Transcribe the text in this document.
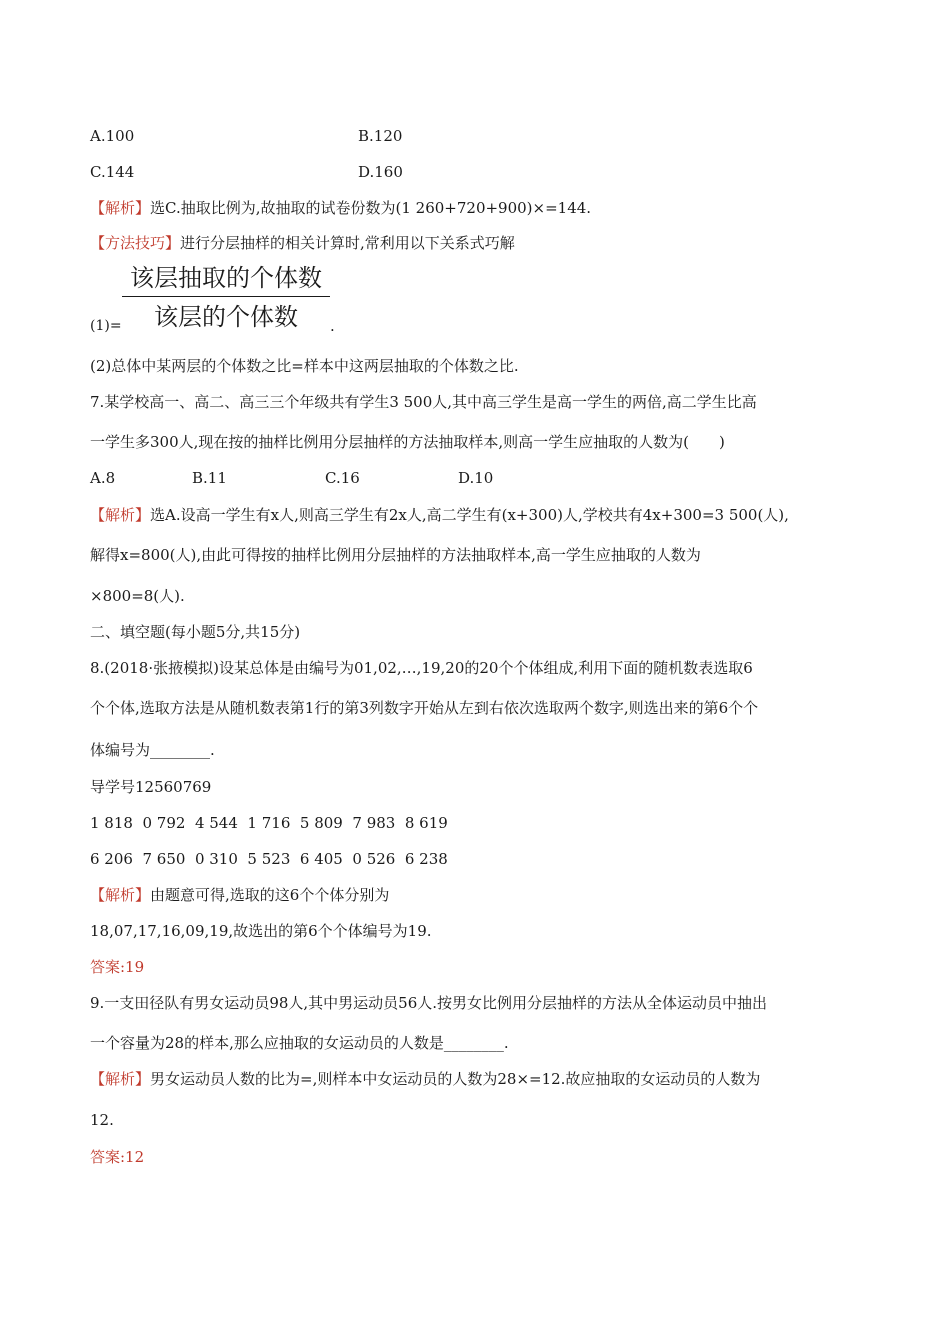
A.100	B.120
C.144	D.160
【解析】选C.抽取比例为,故抽取的试卷份数为(1 260+720+900)×=144.
【方法技巧】进行分层抽样的相关计算时,常利用以下关系式巧解
该层抽取的个体数
该层的个体数
(1)=	.
(2)总体中某两层的个体数之比=样本中这两层抽取的个体数之比.
7.某学校高一、高二、高三三个年级共有学生3 500人,其中高三学生是高一学生的两倍,高二学生比高
一学生多300人,现在按的抽样比例用分层抽样的方法抽取样本,则高一学生应抽取的人数为(　　)
A.8	B.11	C.16	D.10
【解析】选A.设高一学生有x人,则高三学生有2x人,高二学生有(x+300)人,学校共有4x+300=3 500(人),
解得x=800(人),由此可得按的抽样比例用分层抽样的方法抽取样本,高一学生应抽取的人数为
×800=8(人).
二、填空题(每小题5分,共15分)
8.(2018·张掖模拟)设某总体是由编号为01,02,…,19,20的20个个体组成,利用下面的随机数表选取6
个个体,选取方法是从随机数表第1行的第3列数字开始从左到右依次选取两个数字,则选出来的第6个个
体编号为________.
导学号12560769
1 818  0 792  4 544  1 716  5 809  7 983  8 619
6 206  7 650  0 310  5 523  6 405  0 526  6 238
【解析】由题意可得,选取的这6个个体分别为
18,07,17,16,09,19,故选出的第6个个体编号为19.
答案:19
9.一支田径队有男女运动员98人,其中男运动员56人.按男女比例用分层抽样的方法从全体运动员中抽出
一个容量为28的样本,那么应抽取的女运动员的人数是________.
【解析】男女运动员人数的比为=,则样本中女运动员的人数为28×=12.故应抽取的女运动员的人数为
12.
答案:12
